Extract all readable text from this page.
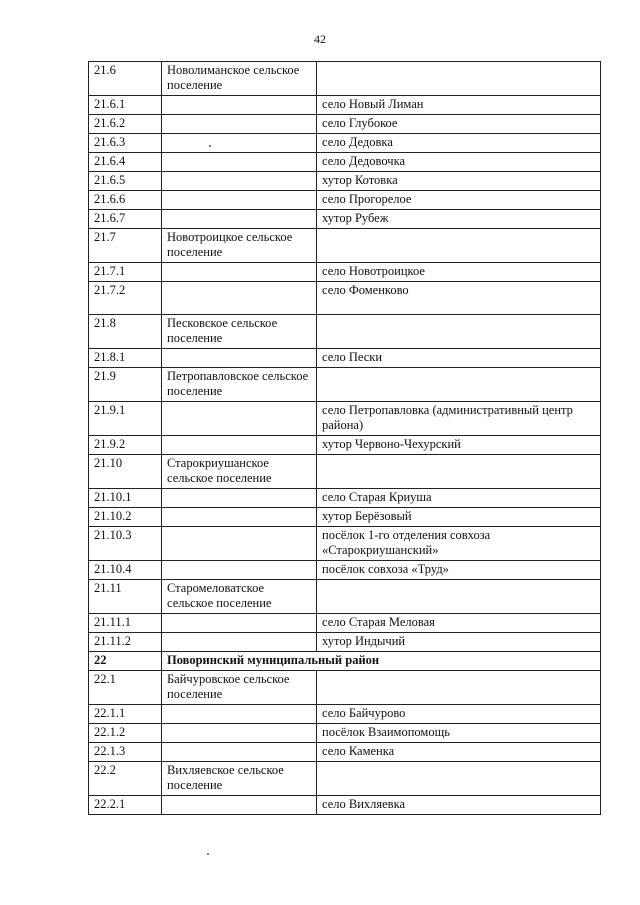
42
21.6	Новолиманское сельское поселение	
21.6.1		село Новый Лиман
21.6.2		село Глубокое
21.6.3		село Дедовка
21.6.4		село Дедовочка
21.6.5		хутор Котовка
21.6.6		село Прогорелое
21.6.7		хутор Рубеж
21.7	Новотроицкое сельское поселение	
21.7.1		село Новотроицкое
21.7.2		село Фоменково
21.8	Песковское сельское поселение	
21.8.1		село Пески
21.9	Петропавловское сельское поселение	
21.9.1		село Петропавловка (административный центр района)
21.9.2		хутор Червоно-Чехурский
21.10	Старокриушанское сельское поселение	
21.10.1		село Старая Криуша
21.10.2		хутор Берёзовый
21.10.3		посёлок 1-го отделения совхоза «Старокриушанский»
21.10.4		посёлок совхоза «Труд»
21.11	Старомеловатское сельское поселение	
21.11.1		село Старая Меловая
21.11.2		хутор Индычий
22	Поворинский муниципальный район	
22.1	Байчуровское сельское поселение	
22.1.1		село Байчурово
22.1.2		посёлок Взаимопомощь
22.1.3		село Каменка
22.2	Вихляевское сельское поселение	
22.2.1		село Вихляевка
